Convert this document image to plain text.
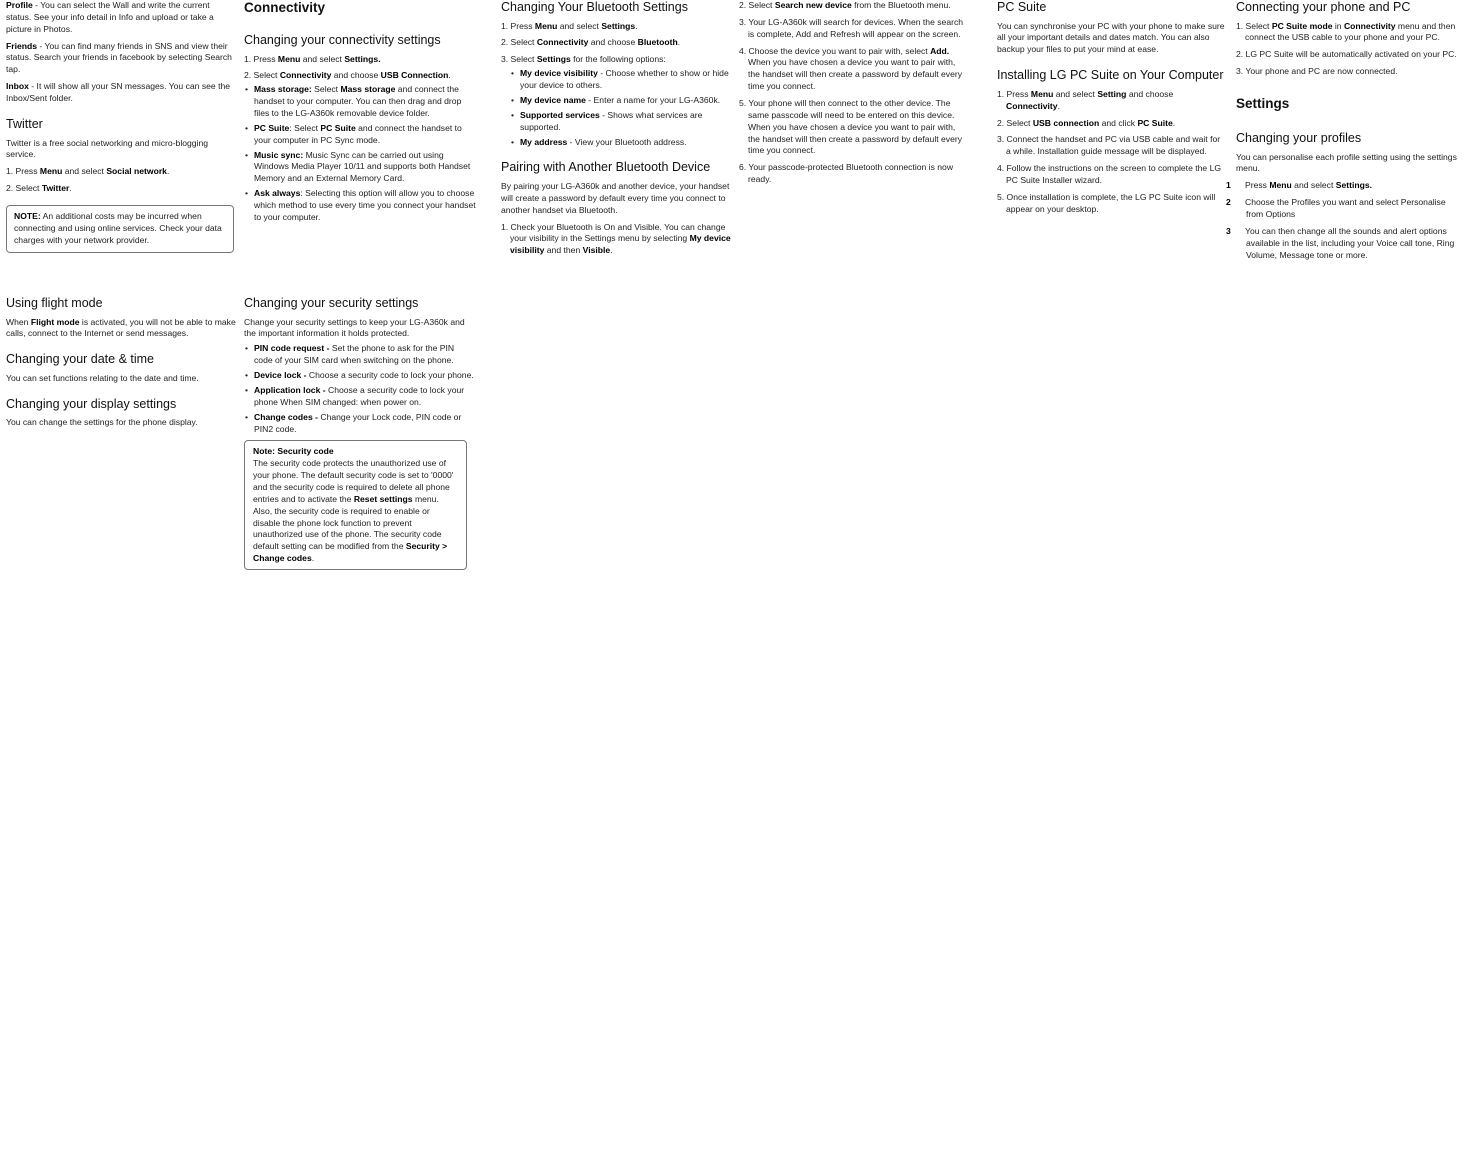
Profile - You can select the Wall and write the current status. See your info detail in Info and upload or take a picture in Photos.

Friends - You can find many friends in SNS and view their status. Search your friends in facebook by selecting Search tap.

Inbox - It will show all your SN messages. You can see the Inbox/Sent folder.

Twitter

Twitter is a free social networking and micro-blogging service.

1. Press Menu and select Social network.

2. Select Twitter.

NOTE: An additional costs may be incurred when connecting and using online services. Check your data charges with your network provider.
Using flight mode

When Flight mode is activated, you will not be able to make calls, connect to the Internet or send messages.

Changing your date & time

You can set functions relating to the date and time.

Changing your display settings

You can change the settings for the phone display.

Connectivity
Changing your connectivity settings

1. Press Menu and select Settings.

2. Select Connectivity and choose USB Connection.

• Mass storage: Select Mass storage and connect the handset to your computer. You can then drag and drop files to the LG-A360k removable device folder.
• PC Suite: Select PC Suite and connect the handset to your computer in PC Sync mode.
• Music sync: Music Sync can be carried out using Windows Media Player 10/11 and supports both Handset Memory and an External Memory Card.
• Ask always: Selecting this option will allow you to choose which method to use every time you connect your handset to your computer.
Changing your security settings

Change your security settings to keep your LG-A360k and the important information it holds protected.

• PIN code request - Set the phone to ask for the PIN code of your SIM card when switching on the phone.
• Device lock - Choose a security code to lock your phone.
• Application lock - Choose a security code to lock your phone When SIM changed: when power on.
• Change codes - Change your Lock code, PIN code or PIN2 code.
Note: Security code
The security code protects the unauthorized use of your phone. The default security code is set to '0000' and the security code is required to delete all phone entries and to activate the Reset settings menu. Also, the security code is required to enable or disable the phone lock function to prevent unauthorized use of the phone. The security code default setting can be modified from the Security > Change codes.
Changing Your Bluetooth Settings

1. Press Menu and select Settings.

2. Select Connectivity and choose Bluetooth.

3. Select Settings for the following options:

• My device visibility - Choose whether to show or hide your device to others.
• My device name - Enter a name for your LG-A360k.
• Supported services - Shows what services are supported.
• My address - View your Bluetooth address.
Pairing with Another Bluetooth Device

By pairing your LG-A360k and another device, your handset will create a password by default every time you connect to another handset via Bluetooth.

1. Check your Bluetooth is On and Visible. You can change your visibility in the Settings menu by selecting My device visibility and then Visible.

2. Select Search new device from the Bluetooth menu.

3. Your LG-A360k will search for devices. When the search is complete, Add and Refresh will appear on the screen.

4. Choose the device you want to pair with, select Add. When you have chosen a device you want to pair with, the handset will then create a password by default every time you connect.

5. Your phone will then connect to the other device. The same passcode will need to be entered on this device. When you have chosen a device you want to pair with, the handset will then create a password by default every time you connect.

6. Your passcode-protected Bluetooth connection is now ready.

PC Suite

You can synchronise your PC with your phone to make sure all your important details and dates match. You can also backup your files to put your mind at ease.

Installing LG PC Suite on Your Computer

1. Press Menu and select Setting and choose Connectivity.

2. Select USB connection and click PC Suite.

3. Connect the handset and PC via USB cable and wait for a while. Installation guide message will be displayed.

4. Follow the instructions on the screen to complete the LG PC Suite Installer wizard.

5. Once installation is complete, the LG PC Suite icon will appear on your desktop.

Connecting your phone and PC

1. Select PC Suite mode in Connectivity menu and then connect the USB cable to your phone and your PC.

2. LG PC Suite will be automatically activated on your PC.

3. Your phone and PC are now connected.

Settings
Changing your profiles

You can personalise each profile setting using the settings menu.

1 Press Menu and select Settings.

2 Choose the Profiles you want and select Personalise from Options

3 You can then change all the sounds and alert options available in the list, including your Voice call tone, Ring Volume, Message tone or more.
